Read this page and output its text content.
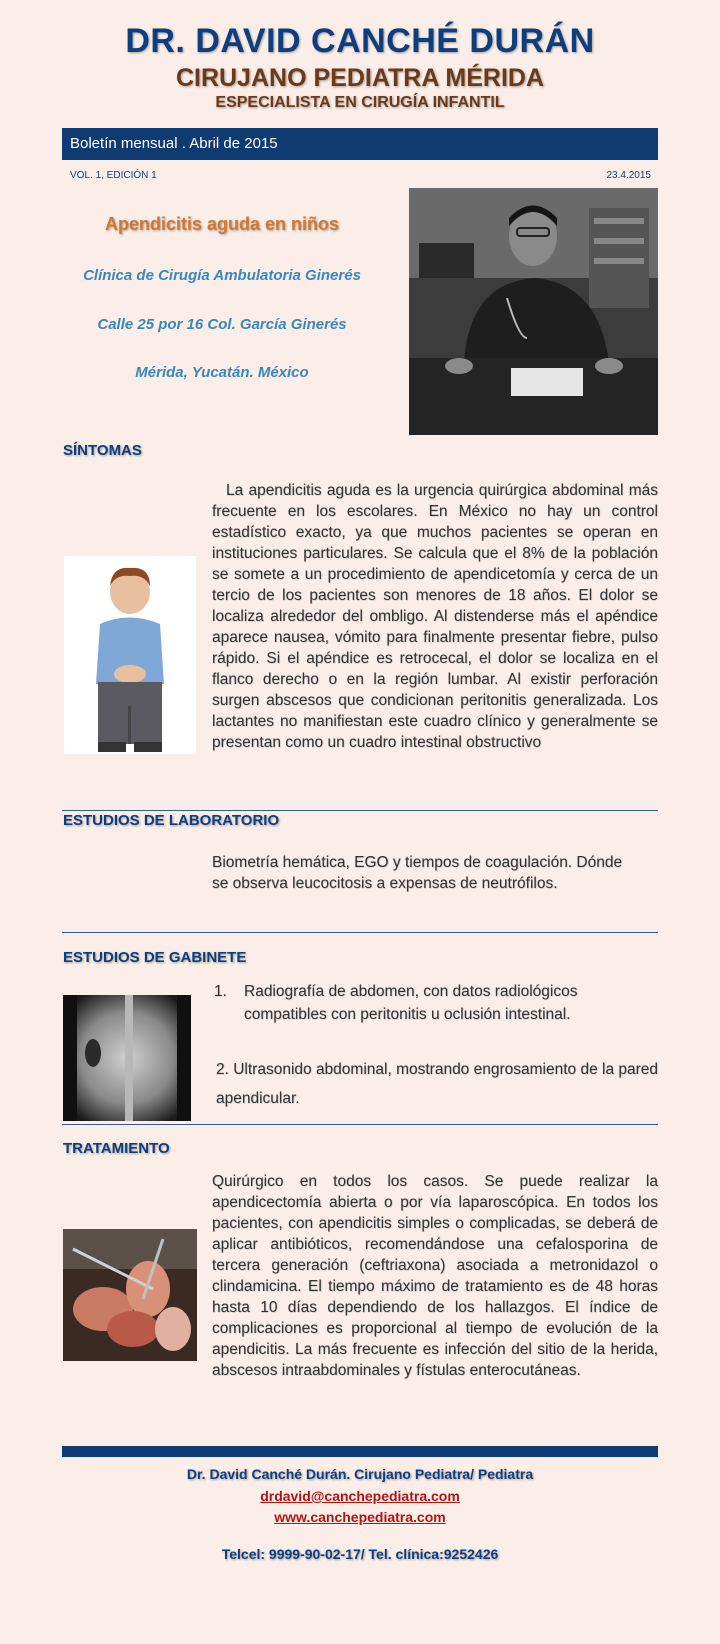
DR. DAVID CANCHÉ DURÁN
CIRUJANO PEDIATRA MÉRIDA
ESPECIALISTA EN CIRUGÍA INFANTIL
Boletín mensual . Abril de 2015
VOL. 1, EDICIÓN 1	23.4.2015
Apendicitis aguda en niños
Clínica de Cirugía Ambulatoria Ginerés
Calle 25 por 16 Col. García Ginerés
Mérida, Yucatán. México
SÍNTOMAS
La apendicitis aguda es la urgencia quirúrgica abdominal más frecuente en los escolares. En México no hay un control estadístico exacto, ya que muchos pacientes se operan en instituciones particulares. Se calcula que el 8% de la población se somete a un procedimiento de apendicetomía y cerca de un tercio de los pacientes son menores de 18 años. El dolor se localiza alrededor del ombligo. Al distenderse más el apéndice aparece nausea, vómito para finalmente presentar fiebre, pulso rápido. Si el apéndice es retrocecal, el dolor se localiza en el flanco derecho o en la región lumbar. Al existir perforación surgen abscesos que condicionan peritonitis generalizada. Los lactantes no manifiestan este cuadro clínico y generalmente se presentan como un cuadro intestinal obstructivo
ESTUDIOS DE LABORATORIO
Biometría hemática, EGO y tiempos de coagulación. Dónde se observa leucocitosis a expensas de neutrófilos.
ESTUDIOS DE GABINETE
1. Radiografía de abdomen, con datos radiológicos compatibles con peritonitis u oclusión intestinal.
2. Ultrasonido abdominal, mostrando engrosamiento de la pared apendicular.
TRATAMIENTO
Quirúrgico en todos los casos. Se puede realizar la apendicectomía abierta o por vía laparoscópica. En todos los pacientes, con apendicitis simples o complicadas, se deberá de aplicar antibióticos, recomendándose una cefalosporina de tercera generación (ceftriaxona) asociada a metronidazol o clindamicina. El tiempo máximo de tratamiento es de 48 horas hasta 10 días dependiendo de los hallazgos. El índice de complicaciones es proporcional al tiempo de evolución de la apendicitis. La más frecuente es infección del sitio de la herida, abscesos intraabdominales y fístulas enterocutáneas.
Dr. David Canché Durán. Cirujano Pediatra/ Pediatra
drdavid@canchepediatra.com
www.canchepediatra.com
Telcel: 9999-90-02-17/ Tel. clínica:9252426
